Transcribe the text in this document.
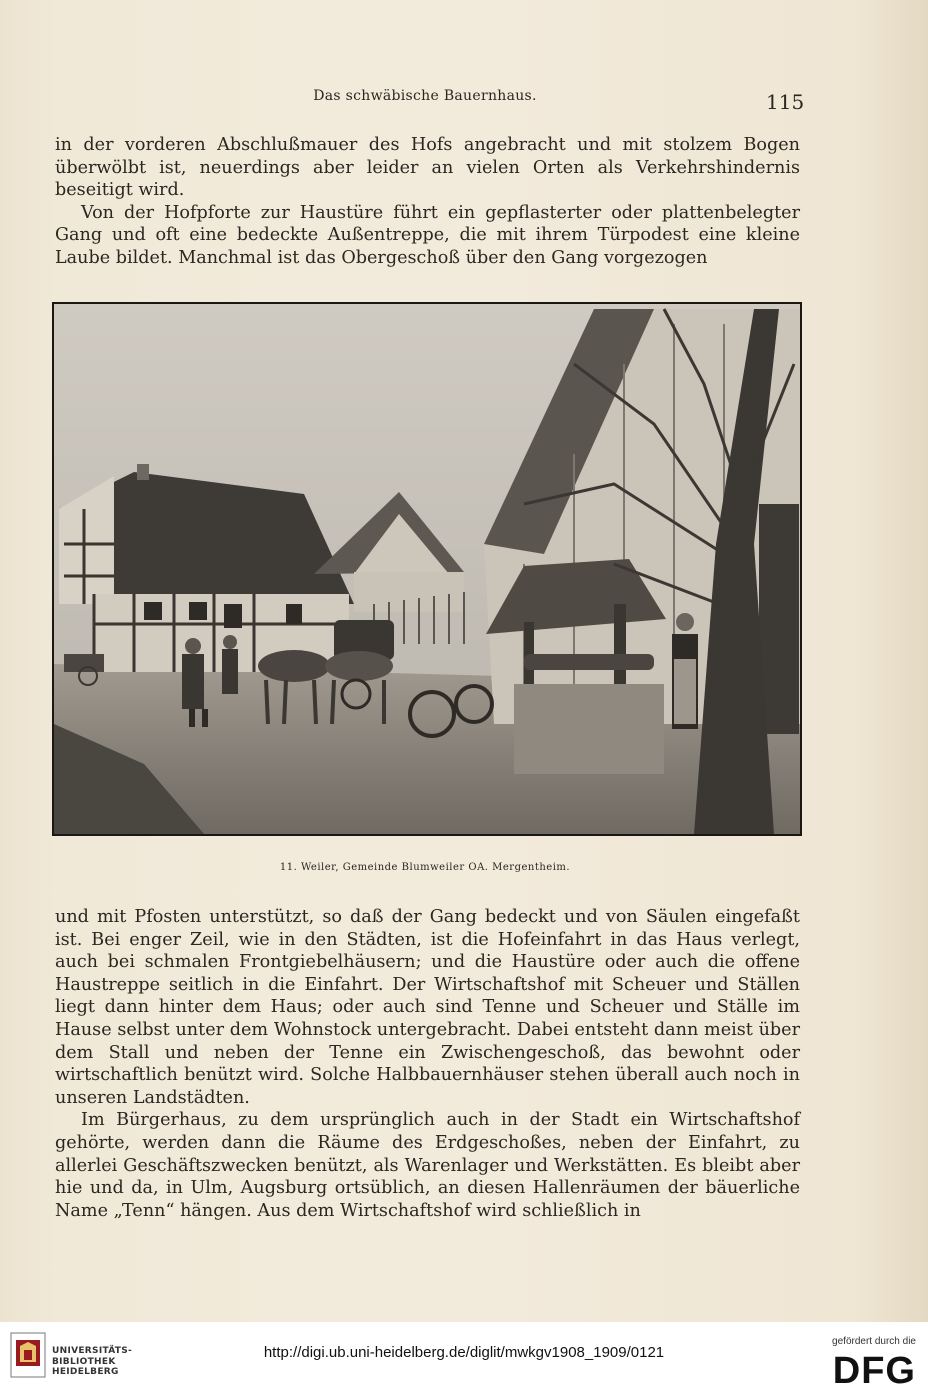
Das schwäbische Bauernhaus.	115

in der vorderen Abschlußmauer des Hofs angebracht und mit stolzem Bogen überwölbt ist, neuerdings aber leider an vielen Orten als Verkehrshindernis beseitigt wird.

Von der Hofpforte zur Haustüre führt ein gepflasterter oder plattenbelegter Gang und oft eine bedeckte Außentreppe, die mit ihrem Türpodest eine kleine Laube bildet. Manchmal ist das Obergeschoß über den Gang vorgezogen

11. Weiler, Gemeinde Blumweiler OA. Mergentheim.

und mit Pfosten unterstützt, so daß der Gang bedeckt und von Säulen eingefaßt ist. Bei enger Zeil, wie in den Städten, ist die Hofeinfahrt in das Haus verlegt, auch bei schmalen Frontgiebelhäusern; und die Haustüre oder auch die offene Haustreppe seitlich in die Einfahrt. Der Wirtschaftshof mit Scheuer und Ställen liegt dann hinter dem Haus; oder auch sind Tenne und Scheuer und Ställe im Hause selbst unter dem Wohnstock untergebracht. Dabei entsteht dann meist über dem Stall und neben der Tenne ein Zwischengeschoß, das bewohnt oder wirtschaftlich benützt wird. Solche Halbbauernhäuser stehen überall auch noch in unseren Landstädten.

Im Bürgerhaus, zu dem ursprünglich auch in der Stadt ein Wirtschaftshof gehörte, werden dann die Räume des Erdgeschoßes, neben der Einfahrt, zu allerlei Geschäftszwecken benützt, als Warenlager und Werkstätten. Es bleibt aber hie und da, in Ulm, Augsburg ortsüblich, an diesen Hallenräumen der bäuerliche Name „Tenn“ hängen. Aus dem Wirtschaftshof wird schließlich in

UNIVERSITÄTS-
BIBLIOTHEK
HEIDELBERG
http://digi.ub.uni-heidelberg.de/diglit/mwkgv1908_1909/0121
gefördert durch die
DFG
